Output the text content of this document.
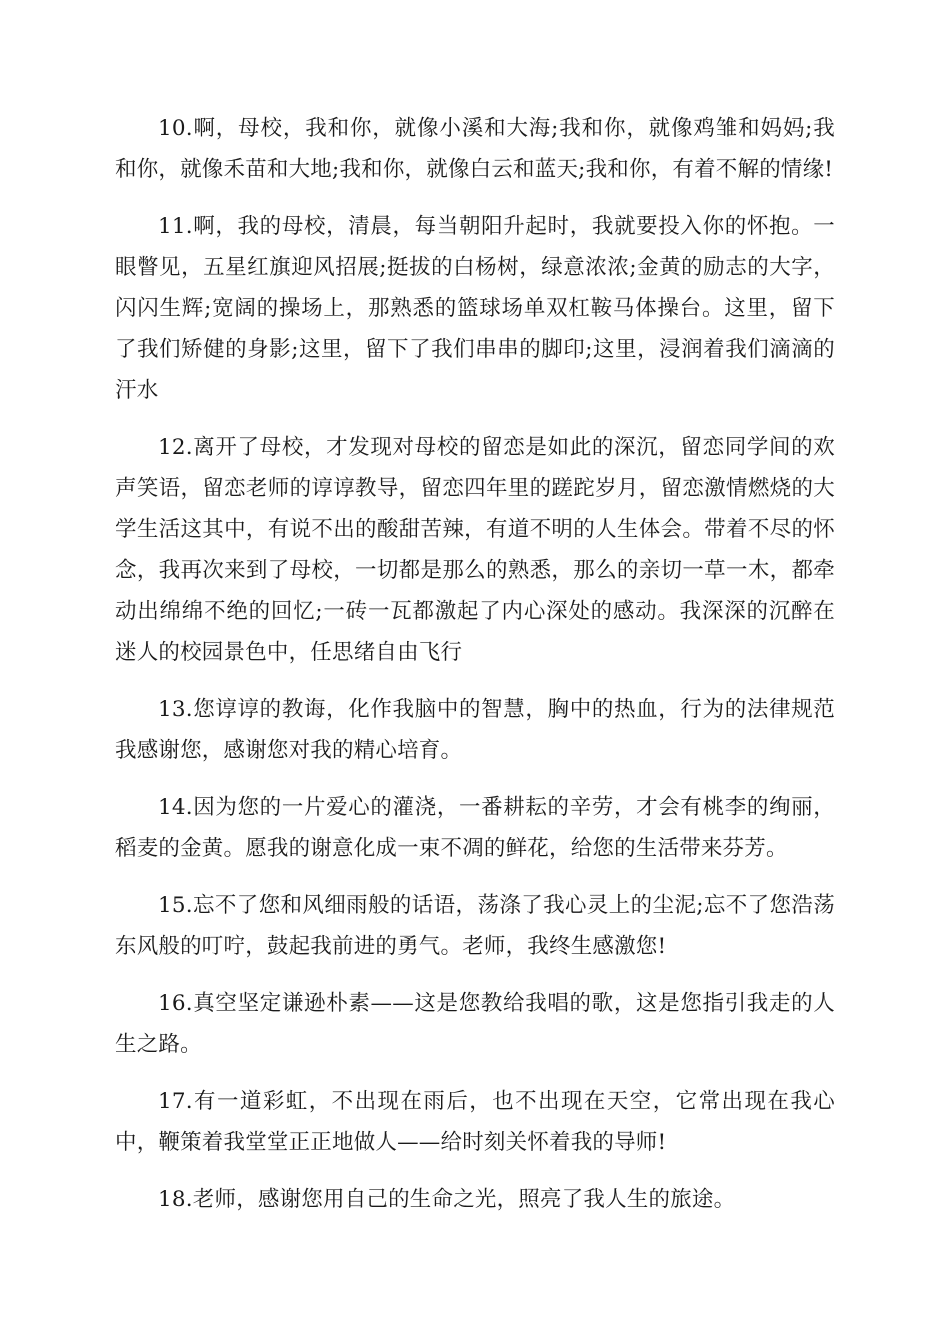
10.啊，母校，我和你，就像小溪和大海;我和你，就像鸡雏和妈妈;我和你，就像禾苗和大地;我和你，就像白云和蓝天;我和你，有着不解的情缘!

11.啊，我的母校，清晨，每当朝阳升起时，我就要投入你的怀抱。一眼瞥见，五星红旗迎风招展;挺拔的白杨树，绿意浓浓;金黄的励志的大字，闪闪生辉;宽阔的操场上，那熟悉的篮球场单双杠鞍马体操台。这里，留下了我们矫健的身影;这里，留下了我们串串的脚印;这里，浸润着我们滴滴的汗水

12.离开了母校，才发现对母校的留恋是如此的深沉，留恋同学间的欢声笑语，留恋老师的谆谆教导，留恋四年里的蹉跎岁月，留恋激情燃烧的大学生活这其中，有说不出的酸甜苦辣，有道不明的人生体会。带着不尽的怀念，我再次来到了母校，一切都是那么的熟悉，那么的亲切一草一木，都牵动出绵绵不绝的回忆;一砖一瓦都激起了内心深处的感动。我深深的沉醉在迷人的校园景色中，任思绪自由飞行

13.您谆谆的教诲，化作我脑中的智慧，胸中的热血，行为的法律规范我感谢您，感谢您对我的精心培育。

14.因为您的一片爱心的灌浇，一番耕耘的辛劳，才会有桃李的绚丽，稻麦的金黄。愿我的谢意化成一束不凋的鲜花，给您的生活带来芬芳。

15.忘不了您和风细雨般的话语，荡涤了我心灵上的尘泥;忘不了您浩荡东风般的叮咛，鼓起我前进的勇气。老师，我终生感激您!

16.真空坚定谦逊朴素——这是您教给我唱的歌，这是您指引我走的人生之路。

17.有一道彩虹，不出现在雨后，也不出现在天空，它常出现在我心中，鞭策着我堂堂正正地做人——给时刻关怀着我的导师!

18.老师，感谢您用自己的生命之光，照亮了我人生的旅途。
